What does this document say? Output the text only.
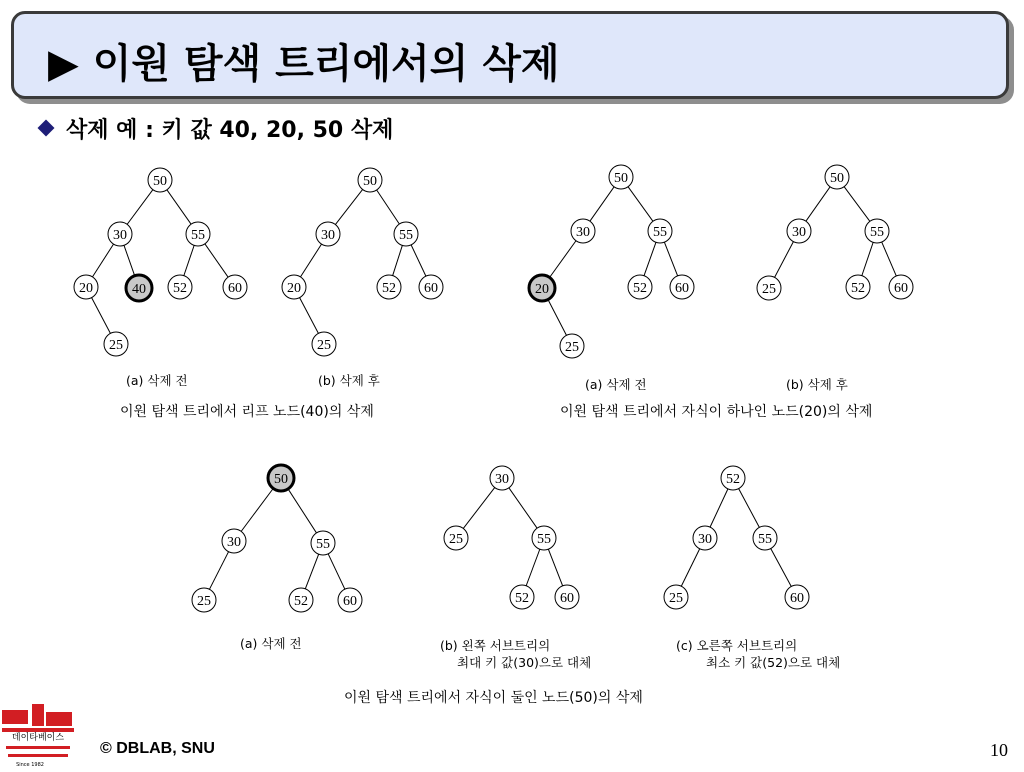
▶ 이원 탐색 트리에서의 삭제
삭제 예 : 키 값 40, 20, 50 삭제
50
30	55
20	40 52	60
25
50
30	55
20	52 60
25
50
30	55
20	52 60
25
50
30	55
25	52 60
50
30	55
25	52	60
30
25	55
52 60
52
30	55
25	60
(a) 삭제 전	(b) 삭제 후
이원 탐색 트리에서 리프 노드(40)의 삭제
(a) 삭제 전	(b) 삭제 후
이원 탐색 트리에서 자식이 하나인 노드(20)의 삭제
(a) 삭제 전	(b) 왼쪽 서브트리의
최대 키 값(30)으로 대체
(c) 오른쪽 서브트리의
최소 키 값(52)으로 대체
이원 탐색 트리에서 자식이 둘인 노드(50)의 삭제
데이타베이스
Since 1982
© DBLAB, SNU	10
